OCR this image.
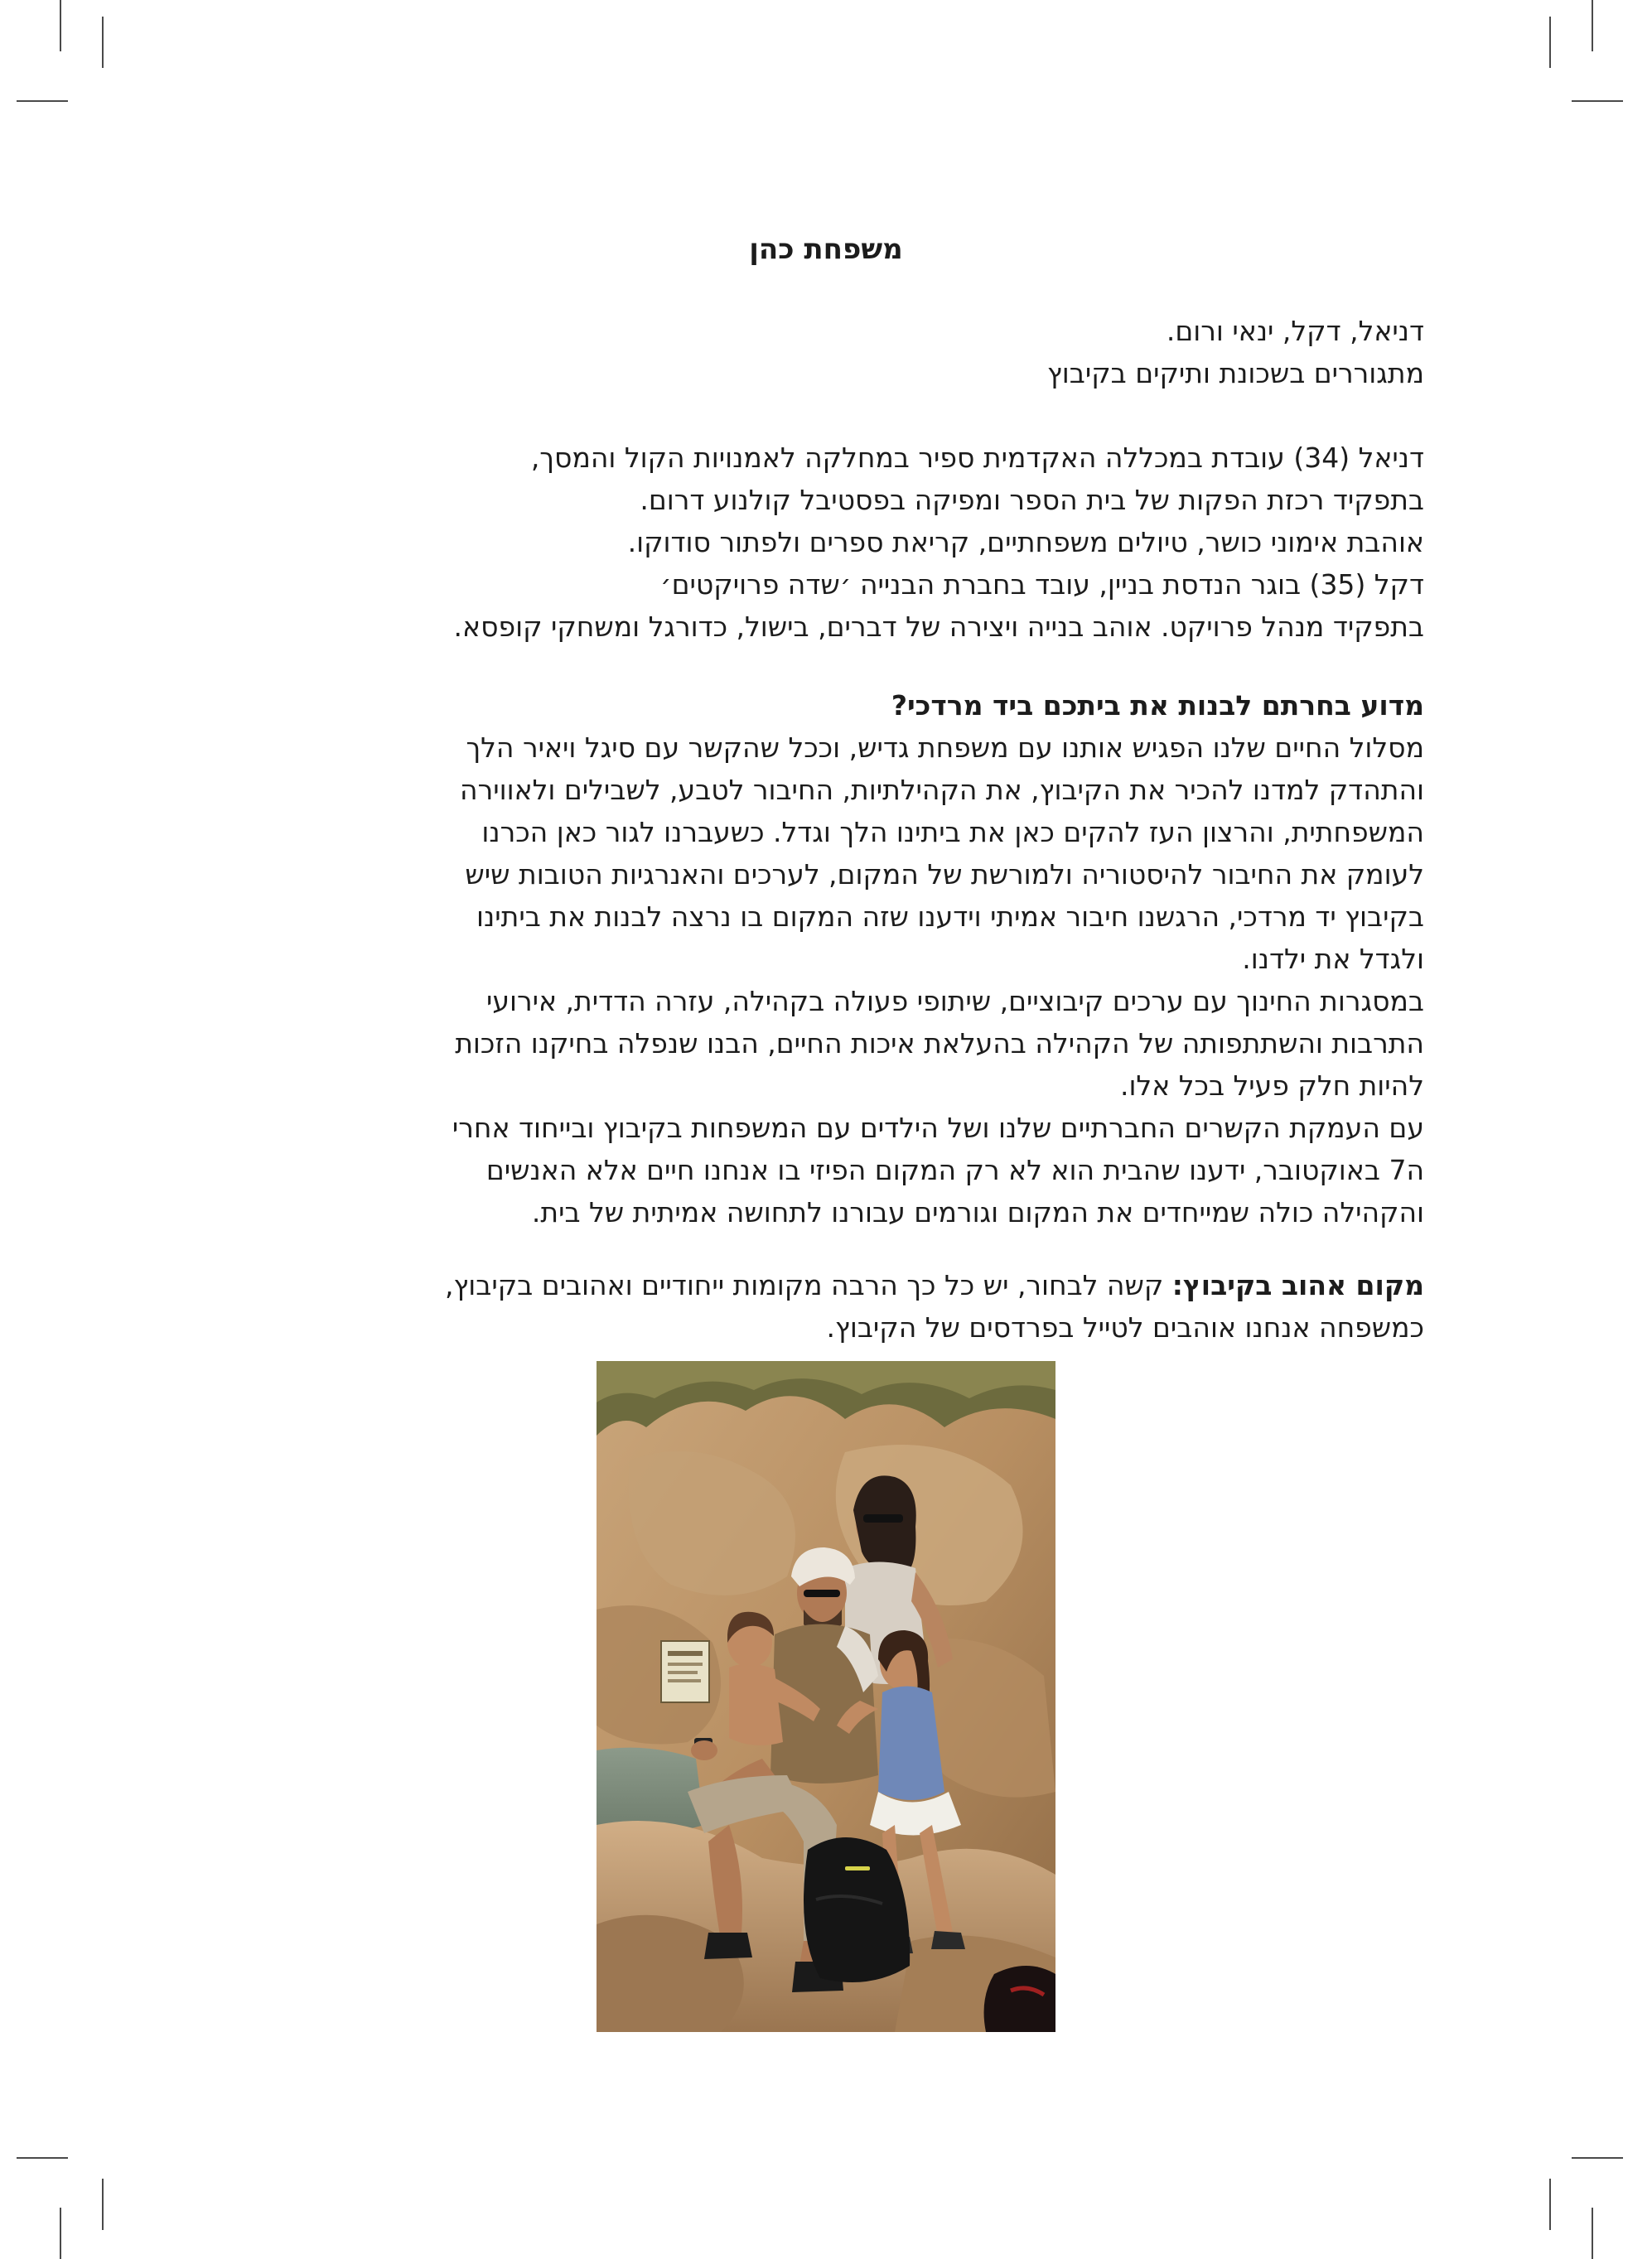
משפחת כהן
דניאל, דקל, ינאי ורום.
מתגוררים בשכונת ותיקים בקיבוץ
דניאל (34) עובדת במכללה האקדמית ספיר במחלקה לאמנויות הקול והמסך,
בתפקיד רכזת הפקות של בית הספר ומפיקה בפסטיבל קולנוע דרום.
אוהבת אימוני כושר, טיולים משפחתיים, קריאת ספרים ולפתור סודוקו.
דקל (35) בוגר הנדסת בניין, עובד בחברת הבנייה ׳שדה פרויקטים׳
בתפקיד מנהל פרויקט. אוהב בנייה ויצירה של דברים, בישול, כדורגל ומשחקי קופסא.
מדוע בחרתם לבנות את ביתכם ביד מרדכי?
מסלול החיים שלנו הפגיש אותנו עם משפחת גדיש, וככל שהקשר עם סיגל ויאיר הלך
והתהדק למדנו להכיר את הקיבוץ, את הקהילתיות, החיבור לטבע, לשבילים ולאווירה
המשפחתית, והרצון העז להקים כאן את ביתינו הלך וגדל. כשעברנו לגור כאן הכרנו
לעומק את החיבור להיסטוריה ולמורשת של המקום, לערכים והאנרגיות הטובות שיש
בקיבוץ יד מרדכי, הרגשנו חיבור אמיתי וידענו שזה המקום בו נרצה לבנות את ביתינו
ולגדל את ילדנו.
במסגרות החינוך עם ערכים קיבוציים, שיתופי פעולה בקהילה, עזרה הדדית, אירועי
התרבות והשתתפותה של הקהילה בהעלאת איכות החיים, הבנו שנפלה בחיקנו הזכות
להיות חלק פעיל בכל אלו.
עם העמקת הקשרים החברתיים שלנו ושל הילדים עם המשפחות בקיבוץ ובייחוד אחרי
ה7 באוקטובר, ידענו שהבית הוא לא רק המקום הפיזי בו אנחנו חיים אלא האנשים
והקהילה כולה שמייחדים את המקום וגורמים עבורנו לתחושה אמיתית של בית.
מקום אהוב בקיבוץ: קשה לבחור, יש כל כך הרבה מקומות ייחודיים ואהובים בקיבוץ,
כמשפחה אנחנו אוהבים לטייל בפרדסים של הקיבוץ.
